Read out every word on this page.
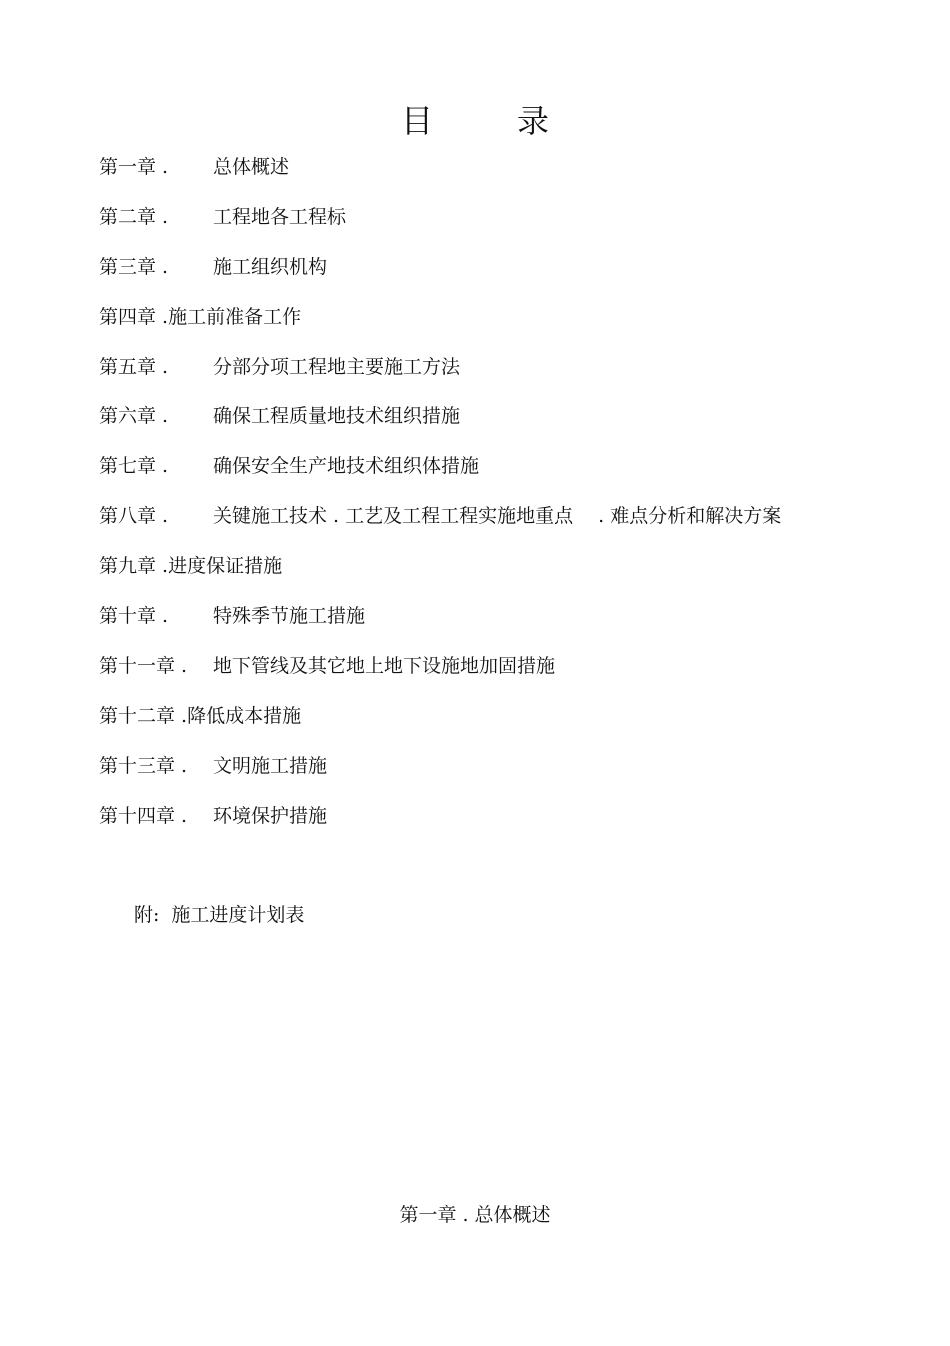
目	录
第一章 . 总体概述
第二章 . 工程地各工程标
第三章 . 施工组织机构
第四章 .施工前准备工作
第五章 . 分部分项工程地主要施工方法
第六章 . 确保工程质量地技术组织措施
第七章 . 确保安全生产地技术组织体措施
第八章 . 关键施工技术 . 工艺及工程工程实施地重点 　. 难点分析和解决方案
第九章 .进度保证措施
第十章 . 特殊季节施工措施
第十一章 . 地下管线及其它地上地下设施地加固措施
第十二章 .降低成本措施
第十三章 . 文明施工措施
第十四章 . 环境保护措施
附: 施工进度计划表
第一章 . 总体概述
